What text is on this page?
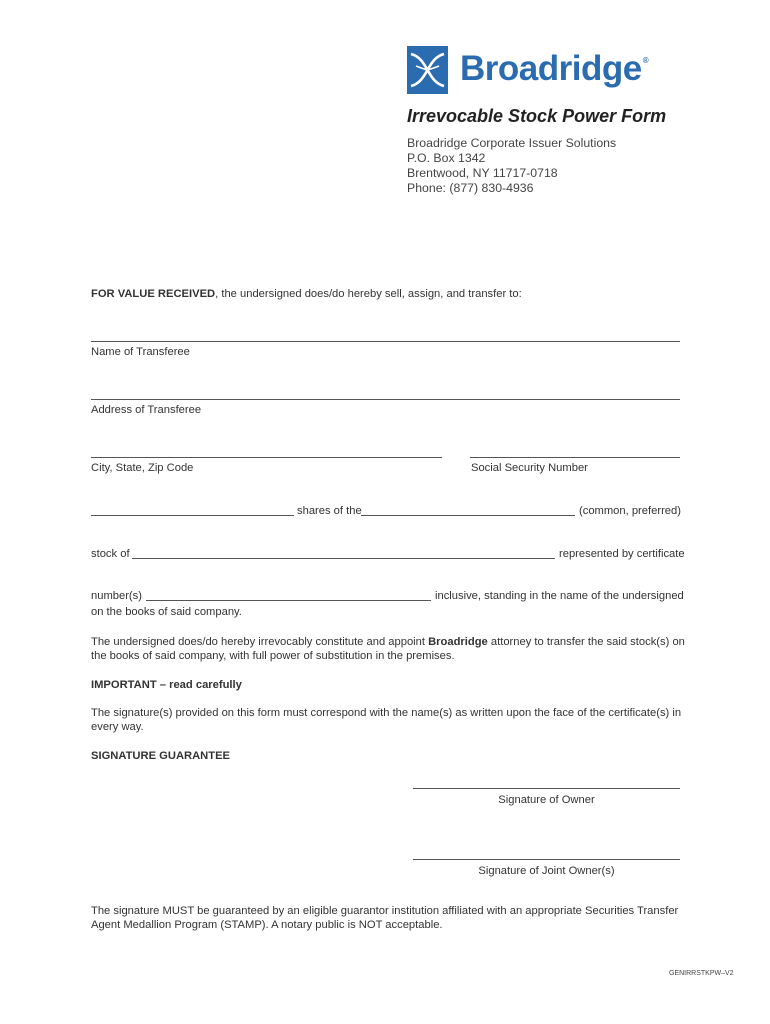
Broadridge®
Irrevocable Stock Power Form
Broadridge Corporate Issuer Solutions
P.O. Box 1342
Brentwood, NY 11717-0718
Phone: (877) 830-4936
FOR VALUE RECEIVED, the undersigned does/do hereby sell, assign, and transfer to:
Name of Transferee
Address of Transferee
City, State, Zip Code	Social Security Number
shares of the	(common, preferred)
stock of	represented by certificate
number(s)	inclusive, standing in the name of the undersigned
on the books of said company.
The undersigned does/do hereby irrevocably constitute and appoint Broadridge attorney to transfer the said stock(s) on
the books of said company, with full power of substitution in the premises.
IMPORTANT – read carefully
The signature(s) provided on this form must correspond with the name(s) as written upon the face of the certificate(s) in
every way.
SIGNATURE GUARANTEE
Signature of Owner
Signature of Joint Owner(s)
The signature MUST be guaranteed by an eligible guarantor institution affiliated with an appropriate Securities Transfer
Agent Medallion Program (STAMP). A notary public is NOT acceptable.
GENIRRSTKPW–V2
